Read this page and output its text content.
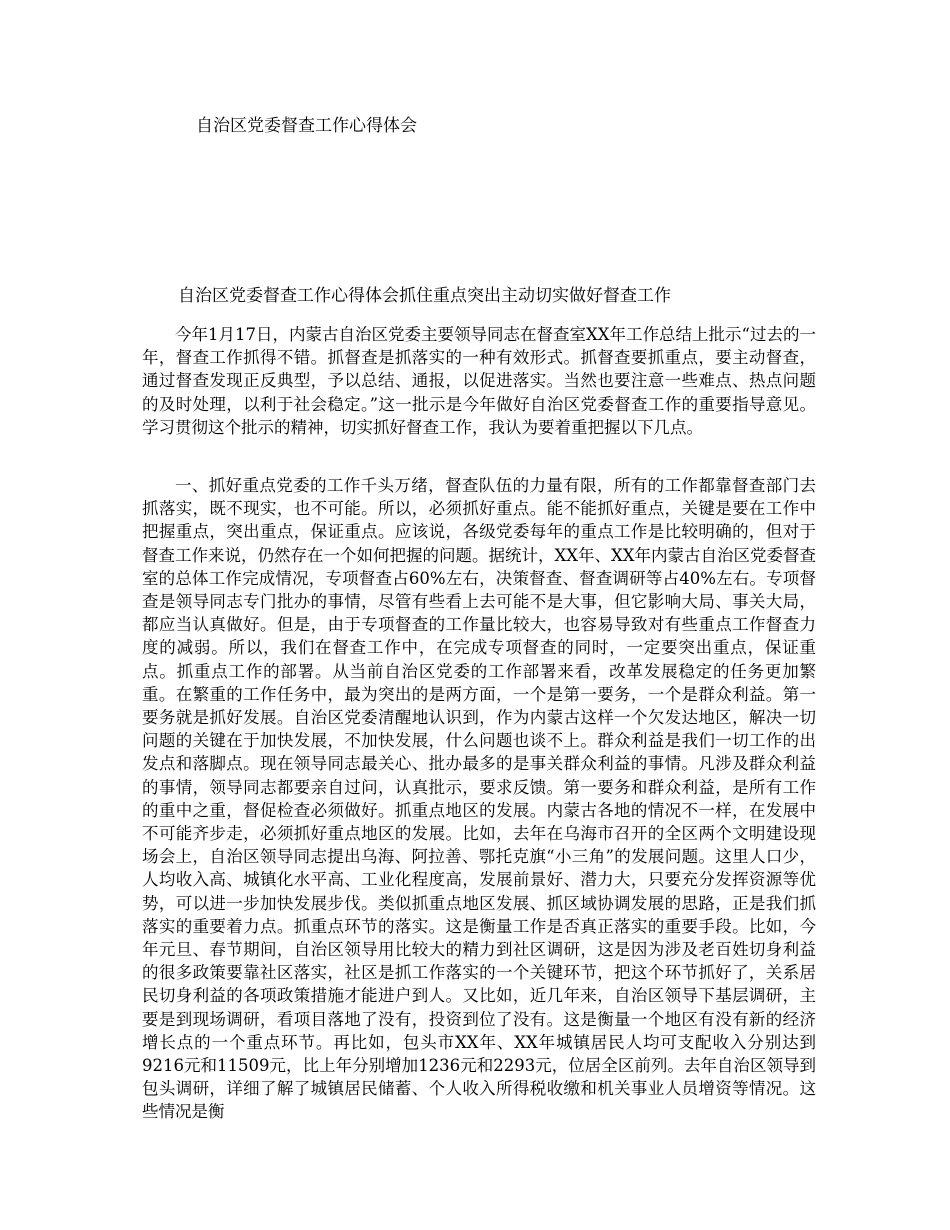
自治区党委督查工作心得体会
自治区党委督查工作心得体会抓住重点突出主动切实做好督查工作

今年1月17日，内蒙古自治区党委主要领导同志在督查室XX年工作总结上批示“过去的一年，督查工作抓得不错。抓督查是抓落实的一种有效形式。抓督查要抓重点，要主动督查，通过督查发现正反典型，予以总结、通报，以促进落实。当然也要注意一些难点、热点问题的及时处理，以利于社会稳定。”这一批示是今年做好自治区党委督查工作的重要指导意见。学习贯彻这个批示的精神，切实抓好督查工作，我认为要着重把握以下几点。

一、抓好重点党委的工作千头万绪，督查队伍的力量有限，所有的工作都靠督查部门去抓落实，既不现实，也不可能。所以，必须抓好重点。能不能抓好重点，关键是要在工作中把握重点，突出重点，保证重点。应该说，各级党委每年的重点工作是比较明确的，但对于督查工作来说，仍然存在一个如何把握的问题。据统计，XX年、XX年内蒙古自治区党委督查室的总体工作完成情况，专项督查占60%左右，决策督查、督查调研等占40%左右。专项督查是领导同志专门批办的事情，尽管有些看上去可能不是大事，但它影响大局、事关大局，都应当认真做好。但是，由于专项督查的工作量比较大，也容易导致对有些重点工作督查力度的减弱。所以，我们在督查工作中，在完成专项督查的同时，一定要突出重点，保证重点。抓重点工作的部署。从当前自治区党委的工作部署来看，改革发展稳定的任务更加繁重。在繁重的工作任务中，最为突出的是两方面，一个是第一要务，一个是群众利益。第一要务就是抓好发展。自治区党委清醒地认识到，作为内蒙古这样一个欠发达地区，解决一切问题的关键在于加快发展，不加快发展，什么问题也谈不上。群众利益是我们一切工作的出发点和落脚点。现在领导同志最关心、批办最多的是事关群众利益的事情。凡涉及群众利益的事情，领导同志都要亲自过问，认真批示，要求反馈。第一要务和群众利益，是所有工作的重中之重，督促检查必须做好。抓重点地区的发展。内蒙古各地的情况不一样，在发展中不可能齐步走，必须抓好重点地区的发展。比如，去年在乌海市召开的全区两个文明建设现场会上，自治区领导同志提出乌海、阿拉善、鄂托克旗“小三角”的发展问题。这里人口少，人均收入高、城镇化水平高、工业化程度高，发展前景好、潜力大，只要充分发挥资源等优势，可以进一步加快发展步伐。类似抓重点地区发展、抓区域协调发展的思路，正是我们抓落实的重要着力点。抓重点环节的落实。这是衡量工作是否真正落实的重要手段。比如，今年元旦、春节期间，自治区领导用比较大的精力到社区调研，这是因为涉及老百姓切身利益的很多政策要靠社区落实，社区是抓工作落实的一个关键环节，把这个环节抓好了，关系居民切身利益的各项政策措施才能进户到人。又比如，近几年来，自治区领导下基层调研，主要是到现场调研，看项目落地了没有，投资到位了没有。这是衡量一个地区有没有新的经济增长点的一个重点环节。再比如，包头市XX年、XX年城镇居民人均可支配收入分别达到9216元和11509元，比上年分别增加1236元和2293元，位居全区前列。去年自治区领导到包头调研，详细了解了城镇居民储蓄、个人收入所得税收缴和机关事业人员增资等情况。这些情况是衡
